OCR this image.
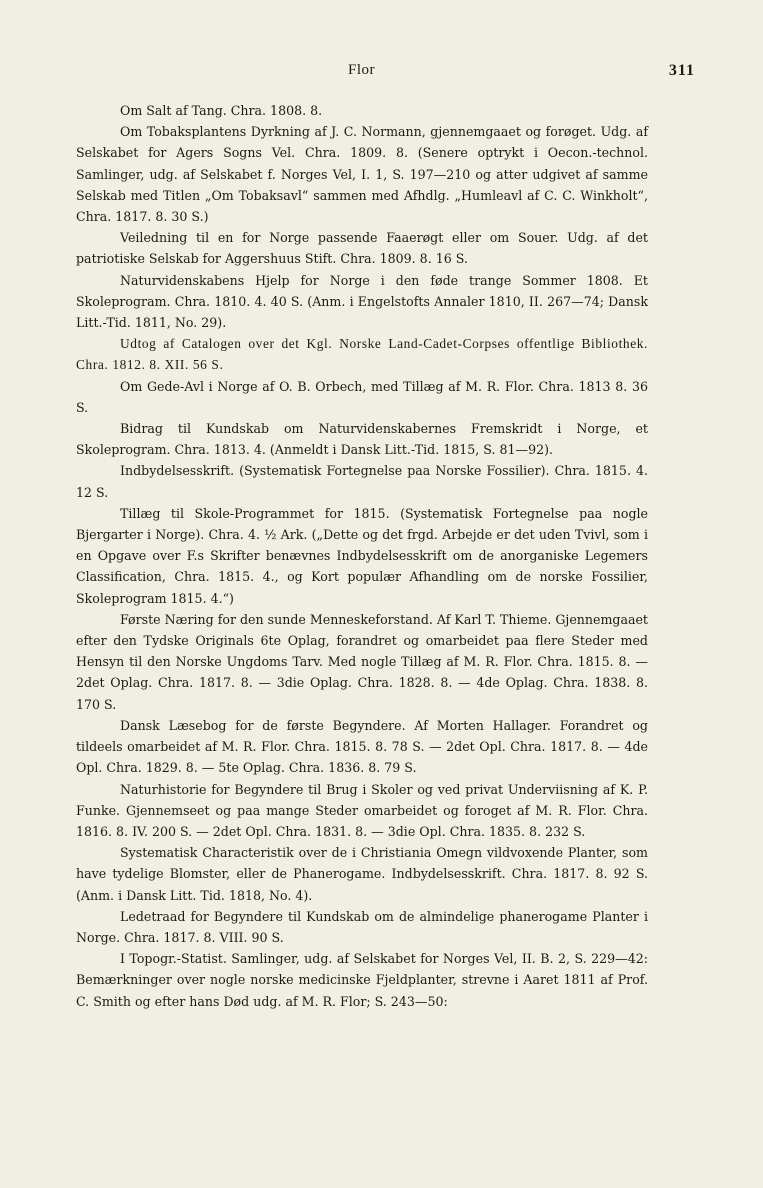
Flor	311

Om Salt af Tang. Chra. 1808. 8.

Om Tobaksplantens Dyrkning af J. C. Normann, gjennemgaaet og forøget. Udg. af Selskabet for Agers Sogns Vel. Chra. 1809. 8. (Senere optrykt i Oecon.-technol. Samlinger, udg. af Selskabet f. Norges Vel, I. 1, S. 197—210 og atter udgivet af samme Selskab med Titlen „Om Tobaksavl“ sammen med Afhdlg. „Humleavl af C. C. Winkholt“, Chra. 1817. 8. 30 S.)

Veiledning til en for Norge passende Faaerøgt eller om Souer. Udg. af det patriotiske Selskab for Aggershuus Stift. Chra. 1809. 8. 16 S.

Naturvidenskabens Hjelp for Norge i den føde trange Sommer 1808. Et Skoleprogram. Chra. 1810. 4. 40 S. (Anm. i Engelstofts Annaler 1810, II. 267—74; Dansk Litt.-Tid. 1811, No. 29).

Udtog af Catalogen over det Kgl. Norske Land-Cadet-Corpses offentlige Bibliothek. Chra. 1812. 8. XII. 56 S.

Om Gede-Avl i Norge af O. B. Orbech, med Tillæg af M. R. Flor. Chra. 1813 8. 36 S.

Bidrag til Kundskab om Naturvidenskabernes Fremskridt i Norge, et Skoleprogram. Chra. 1813. 4. (Anmeldt i Dansk Litt.-Tid. 1815, S. 81—92).

Indbydelsesskrift. (Systematisk Fortegnelse paa Norske Fossilier). Chra. 1815. 4. 12 S.

Tillæg til Skole-Programmet for 1815. (Systematisk Fortegnelse paa nogle Bjergarter i Norge). Chra. 4. ½ Ark. („Dette og det frgd. Arbejde er det uden Tvivl, som i en Opgave over F.s Skrifter benævnes Indbydelsesskrift om de anorganiske Legemers Classification, Chra. 1815. 4., og Kort populær Afhandling om de norske Fossilier, Skoleprogram 1815. 4.“)

Første Næring for den sunde Menneskeforstand. Af Karl T. Thieme. Gjennemgaaet efter den Tydske Originals 6te Oplag, forandret og omarbeidet paa flere Steder med Hensyn til den Norske Ungdoms Tarv. Med nogle Tillæg af M. R. Flor. Chra. 1815. 8. — 2det Oplag. Chra. 1817. 8. — 3die Oplag. Chra. 1828. 8. — 4de Oplag. Chra. 1838. 8. 170 S.

Dansk Læsebog for de første Begyndere. Af Morten Hallager. Forandret og tildeels omarbeidet af M. R. Flor. Chra. 1815. 8. 78 S. — 2det Opl. Chra. 1817. 8. — 4de Opl. Chra. 1829. 8. — 5te Oplag. Chra. 1836. 8. 79 S.

Naturhistorie for Begyndere til Brug i Skoler og ved privat Underviisning af K. P. Funke. Gjennemseet og paa mange Steder omarbeidet og foroget af M. R. Flor. Chra. 1816. 8. IV. 200 S. — 2det Opl. Chra. 1831. 8. — 3die Opl. Chra. 1835. 8. 232 S.

Systematisk Characteristik over de i Christiania Omegn vildvoxende Planter, som have tydelige Blomster, eller de Phanerogame. Indbydelsesskrift. Chra. 1817. 8. 92 S. (Anm. i Dansk Litt. Tid. 1818, No. 4).

Ledetraad for Begyndere til Kundskab om de almindelige phanerogame Planter i Norge. Chra. 1817. 8. VIII. 90 S.

I Topogr.-Statist. Samlinger, udg. af Selskabet for Norges Vel, II. B. 2, S. 229—42: Bemærkninger over nogle norske medicinske Fjeldplanter, strevne i Aaret 1811 af Prof. C. Smith og efter hans Død udg. af M. R. Flor; S. 243—50:
